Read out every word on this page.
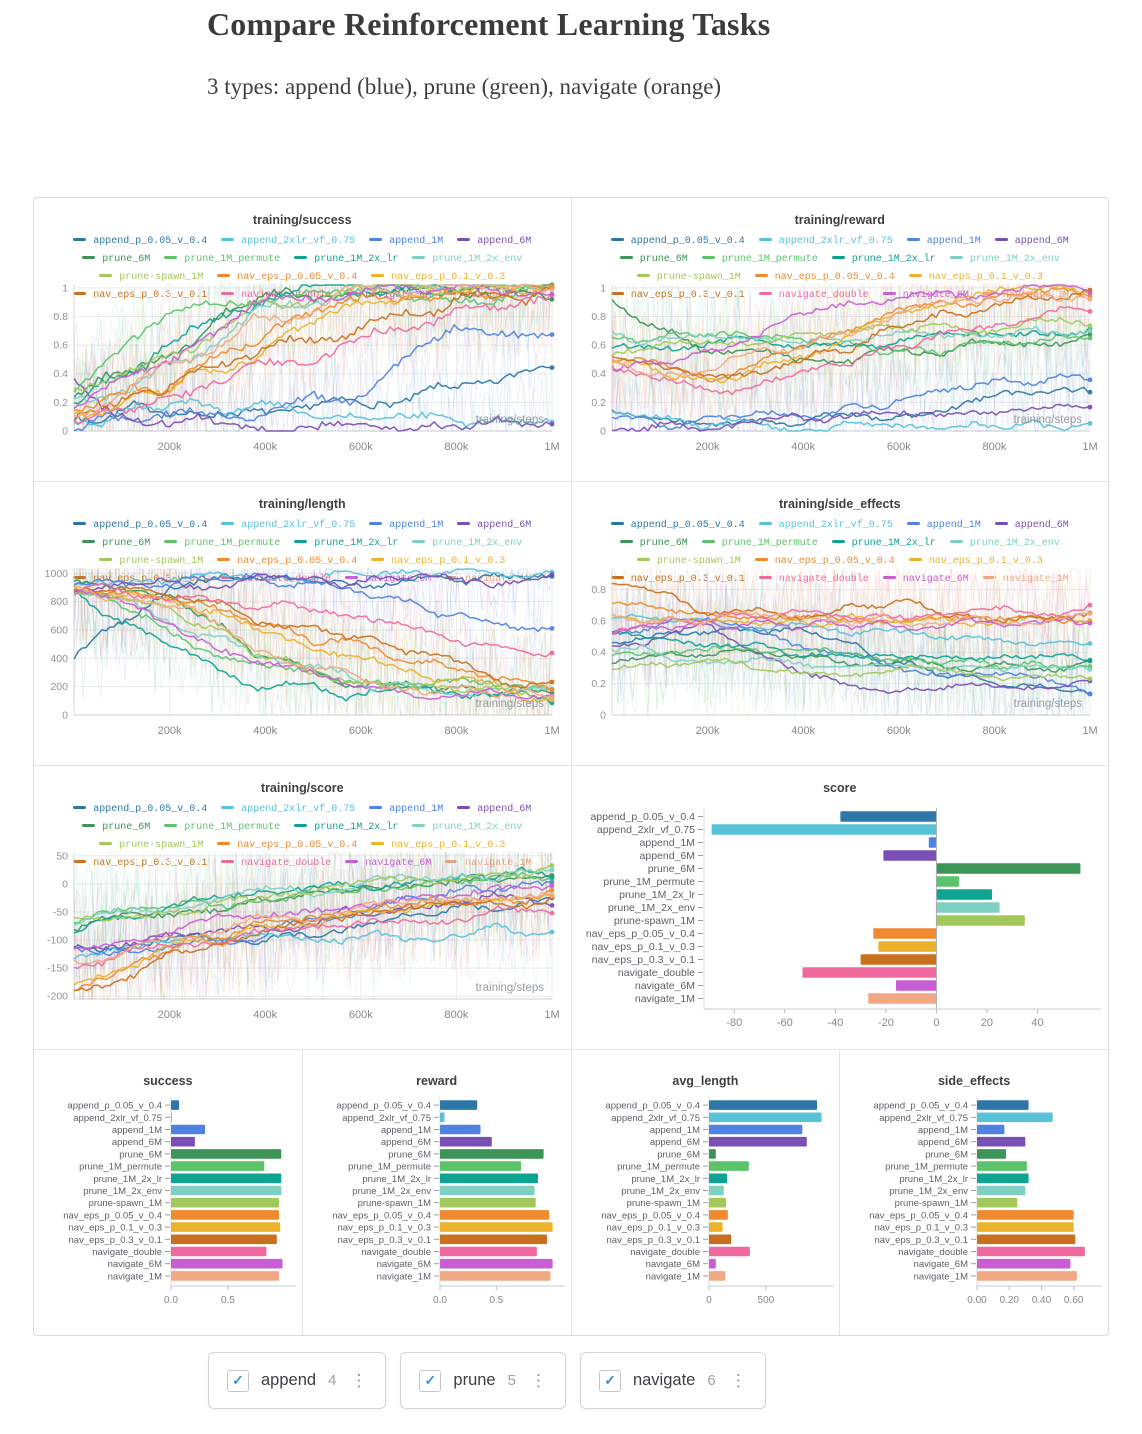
Compare Reinforcement Learning Tasks
3 types: append (blue), prune (green), navigate (orange)
training/success
append_p_0.05_v_0.4	append_2xlr_vf_0.75	append_1M	append_6Mprune_6M	prune_1M_permute	prune_1M_2x_lr	prune_1M_2x_envprune-spawn_1M	nav_eps_p_0.05_v_0.4	nav_eps_p_0.1_v_0.3nav_eps_p_0.3_v_0.1	navigate_double	navigate_6M	navigate_1M
200k	400k	600k	800k	1M
0
0.2
0.4
0.6
0.8
1
training/steps
training/reward
append_p_0.05_v_0.4	append_2xlr_vf_0.75	append_1M	append_6Mprune_6M	prune_1M_permute	prune_1M_2x_lr	prune_1M_2x_envprune-spawn_1M	nav_eps_p_0.05_v_0.4	nav_eps_p_0.1_v_0.3nav_eps_p_0.3_v_0.1	navigate_double	navigate_6M	navigate_1M
200k	400k	600k	800k	1M
0
0.2
0.4
0.6
0.8
1
training/steps
training/length
append_p_0.05_v_0.4	append_2xlr_vf_0.75	append_1M	append_6Mprune_6M	prune_1M_permute	prune_1M_2x_lr	prune_1M_2x_envprune-spawn_1M	nav_eps_p_0.05_v_0.4	nav_eps_p_0.1_v_0.3nav_eps_p_0.3_v_0.1	navigate_double	navigate_6M	navigate_1M
200k	400k	600k	800k	1M
0
200
400
600
800
1000
training/steps
training/side_effects
append_p_0.05_v_0.4	append_2xlr_vf_0.75	append_1M	append_6Mprune_6M	prune_1M_permute	prune_1M_2x_lr	prune_1M_2x_envprune-spawn_1M	nav_eps_p_0.05_v_0.4	nav_eps_p_0.1_v_0.3nav_eps_p_0.3_v_0.1	navigate_double	navigate_6M	navigate_1M
200k	400k	600k	800k	1M
0
0.2
0.4
0.6
0.8
training/steps
training/score
append_p_0.05_v_0.4	append_2xlr_vf_0.75	append_1M	append_6Mprune_6M	prune_1M_permute	prune_1M_2x_lr	prune_1M_2x_envprune-spawn_1M	nav_eps_p_0.05_v_0.4	nav_eps_p_0.1_v_0.3nav_eps_p_0.3_v_0.1	navigate_double	navigate_6M	navigate_1M
200k	400k	600k	800k	1M
50
0
-50
-100
-150
-200
training/steps
score
append_p_0.05_v_0.4
append_2xlr_vf_0.75
append_1M
append_6M
prune_6M
prune_1M_permute
prune_1M_2x_lr
prune_1M_2x_env
prune-spawn_1M
nav_eps_p_0.05_v_0.4
nav_eps_p_0.1_v_0.3
nav_eps_p_0.3_v_0.1
navigate_double
navigate_6M
navigate_1M
-80	-60	-40	-20	0	20	40
success
append_p_0.05_v_0.4
append_2xlr_vf_0.75
append_1M
append_6M
prune_6M
prune_1M_permute
prune_1M_2x_lr
prune_1M_2x_env
prune-spawn_1M
nav_eps_p_0.05_v_0.4
nav_eps_p_0.1_v_0.3
nav_eps_p_0.3_v_0.1
navigate_double
navigate_6M
navigate_1M
0.0	0.5
reward
append_p_0.05_v_0.4
append_2xlr_vf_0.75
append_1M
append_6M
prune_6M
prune_1M_permute
prune_1M_2x_lr
prune_1M_2x_env
prune-spawn_1M
nav_eps_p_0.05_v_0.4
nav_eps_p_0.1_v_0.3
nav_eps_p_0.3_v_0.1
navigate_double
navigate_6M
navigate_1M
0.0	0.5
avg_length
append_p_0.05_v_0.4
append_2xlr_vf_0.75
append_1M
append_6M
prune_6M
prune_1M_permute
prune_1M_2x_lr
prune_1M_2x_env
prune-spawn_1M
nav_eps_p_0.05_v_0.4
nav_eps_p_0.1_v_0.3
nav_eps_p_0.3_v_0.1
navigate_double
navigate_6M
navigate_1M
0	500
side_effects
append_p_0.05_v_0.4
append_2xlr_vf_0.75
append_1M
append_6M
prune_6M
prune_1M_permute
prune_1M_2x_lr
prune_1M_2x_env
prune-spawn_1M
nav_eps_p_0.05_v_0.4
nav_eps_p_0.1_v_0.3
nav_eps_p_0.3_v_0.1
navigate_double
navigate_6M
navigate_1M
0.00 0.20 0.40 0.60
✓	append 4 ⋮	✓	prune 5 ⋮	✓	navigate 6 ⋮
